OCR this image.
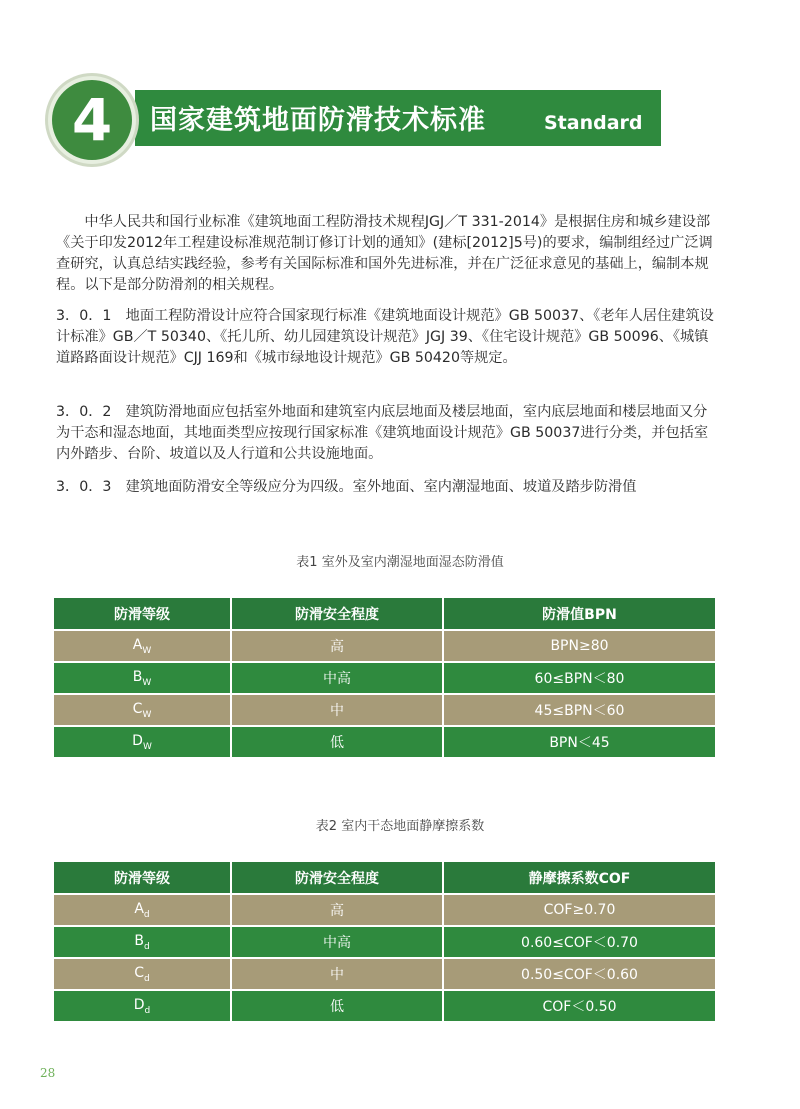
4	国家建筑地面防滑技术标准	Standard

　　中华人民共和国行业标准《建筑地面工程防滑技术规程JGJ／T 331-2014》是根据住房和城乡建设部《关于印发2012年工程建设标准规范制订修订计划的通知》(建标[2012]5号)的要求，编制组经过广泛调查研究，认真总结实践经验，参考有关国际标准和国外先进标准，并在广泛征求意见的基础上，编制本规程。以下是部分防滑剂的相关规程。

3．0．1　地面工程防滑设计应符合国家现行标准《建筑地面设计规范》GB 50037、《老年人居住建筑设计标准》GB／T 50340、《托儿所、幼儿园建筑设计规范》JGJ 39、《住宅设计规范》GB 50096、《城镇道路路面设计规范》CJJ 169和《城市绿地设计规范》GB 50420等规定。

3．0．2　建筑防滑地面应包括室外地面和建筑室内底层地面及楼层地面，室内底层地面和楼层地面又分为干态和湿态地面，其地面类型应按现行国家标准《建筑地面设计规范》GB 50037进行分类，并包括室内外踏步、台阶、坡道以及人行道和公共设施地面。

3．0．3　建筑地面防滑安全等级应分为四级。室外地面、室内潮湿地面、坡道及踏步防滑值

表1 室外及室内潮湿地面湿态防滑值
防滑等级	防滑安全程度	防滑值BPN
$A_W$	高	BPN≥80
$B_W$	中高	60≤BPN＜80
$C_W$	中	45≤BPN＜60
$D_W$	低	BPN＜45
表2 室内干态地面静摩擦系数
防滑等级	防滑安全程度	静摩擦系数COF
$A_d$	高	COF≥0.70
$B_d$	中高	0.60≤COF＜0.70
$C_d$	中	0.50≤COF＜0.60
$D_d$	低	COF＜0.50
28
